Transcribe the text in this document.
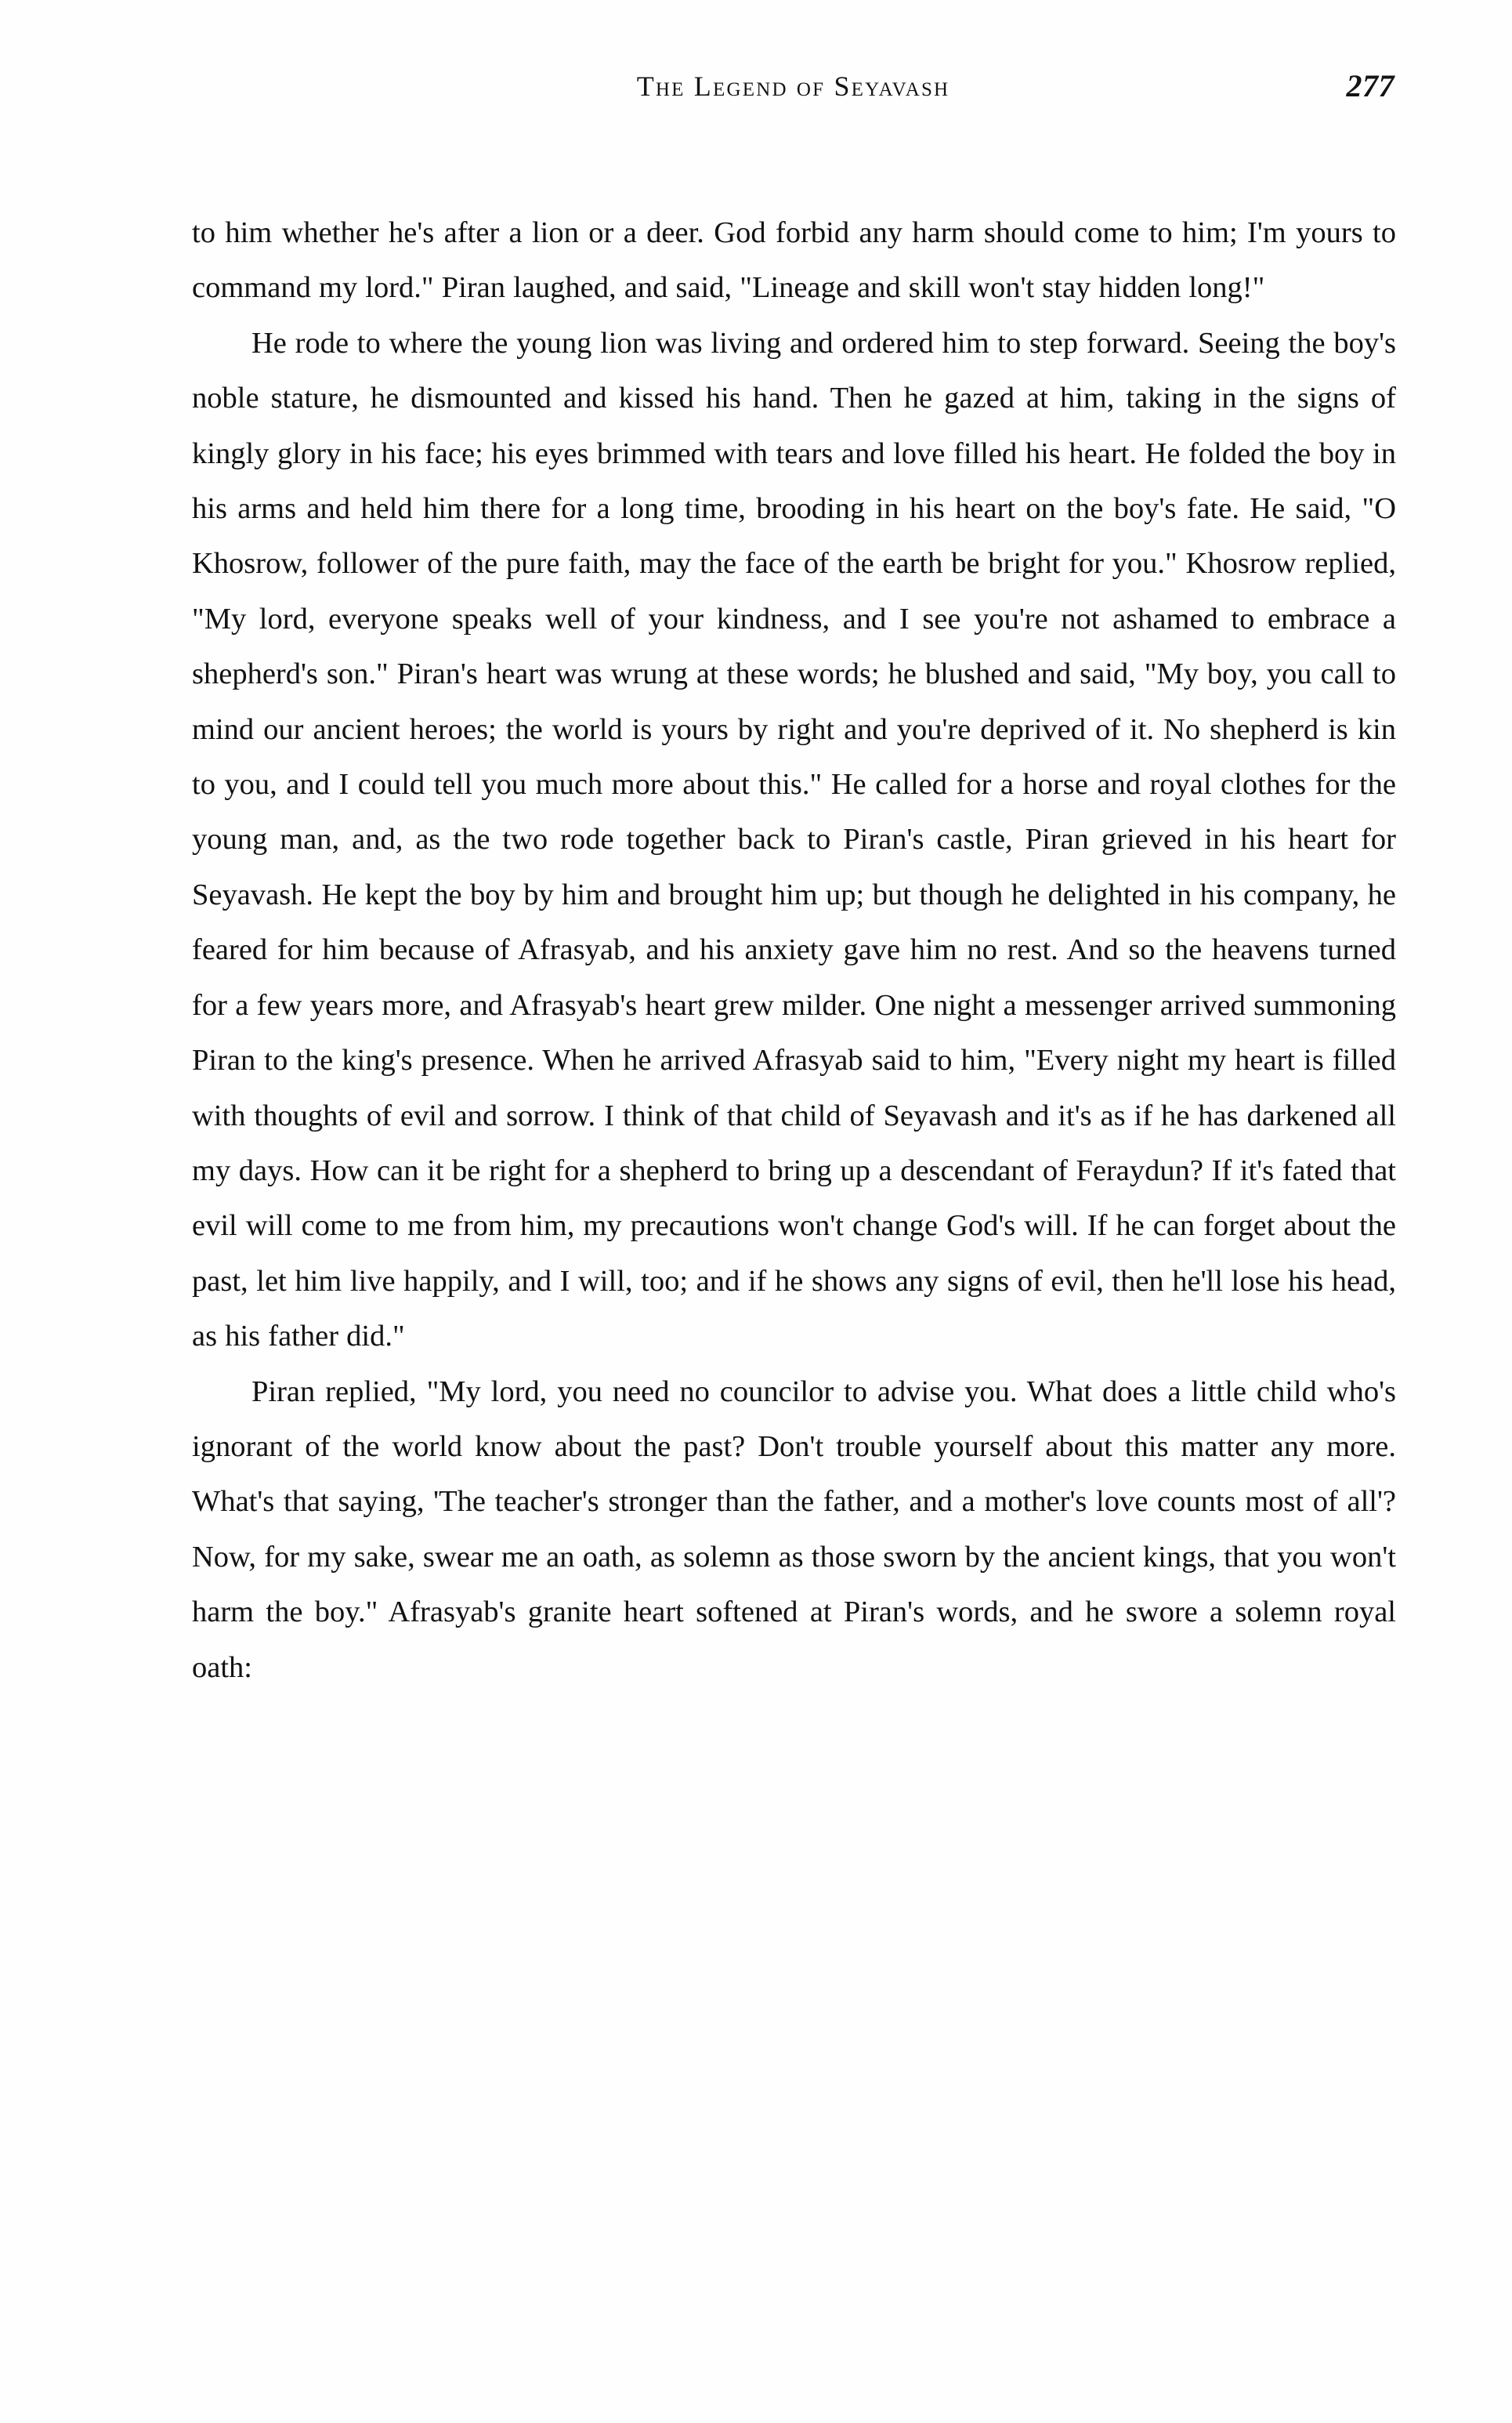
The Legend of Seyavash	277

to him whether he's after a lion or a deer. God forbid any harm should come to him; I'm yours to command my lord." Piran laughed, and said, "Lineage and skill won't stay hidden long!"

He rode to where the young lion was living and ordered him to step forward. Seeing the boy's noble stature, he dismounted and kissed his hand. Then he gazed at him, taking in the signs of kingly glory in his face; his eyes brimmed with tears and love filled his heart. He folded the boy in his arms and held him there for a long time, brooding in his heart on the boy's fate. He said, "O Khosrow, follower of the pure faith, may the face of the earth be bright for you." Khosrow replied, "My lord, everyone speaks well of your kindness, and I see you're not ashamed to embrace a shepherd's son." Piran's heart was wrung at these words; he blushed and said, "My boy, you call to mind our ancient heroes; the world is yours by right and you're deprived of it. No shepherd is kin to you, and I could tell you much more about this." He called for a horse and royal clothes for the young man, and, as the two rode together back to Piran's castle, Piran grieved in his heart for Seyavash. He kept the boy by him and brought him up; but though he delighted in his company, he feared for him because of Afrasyab, and his anxiety gave him no rest. And so the heavens turned for a few years more, and Afrasyab's heart grew milder. One night a messenger arrived summoning Piran to the king's presence. When he arrived Afrasyab said to him, "Every night my heart is filled with thoughts of evil and sorrow. I think of that child of Seyavash and it's as if he has darkened all my days. How can it be right for a shepherd to bring up a descendant of Feraydun? If it's fated that evil will come to me from him, my precautions won't change God's will. If he can forget about the past, let him live happily, and I will, too; and if he shows any signs of evil, then he'll lose his head, as his father did."

Piran replied, "My lord, you need no councilor to advise you. What does a little child who's ignorant of the world know about the past? Don't trouble yourself about this matter any more. What's that saying, 'The teacher's stronger than the father, and a mother's love counts most of all'? Now, for my sake, swear me an oath, as solemn as those sworn by the ancient kings, that you won't harm the boy." Afrasyab's granite heart softened at Piran's words, and he swore a solemn royal oath:
